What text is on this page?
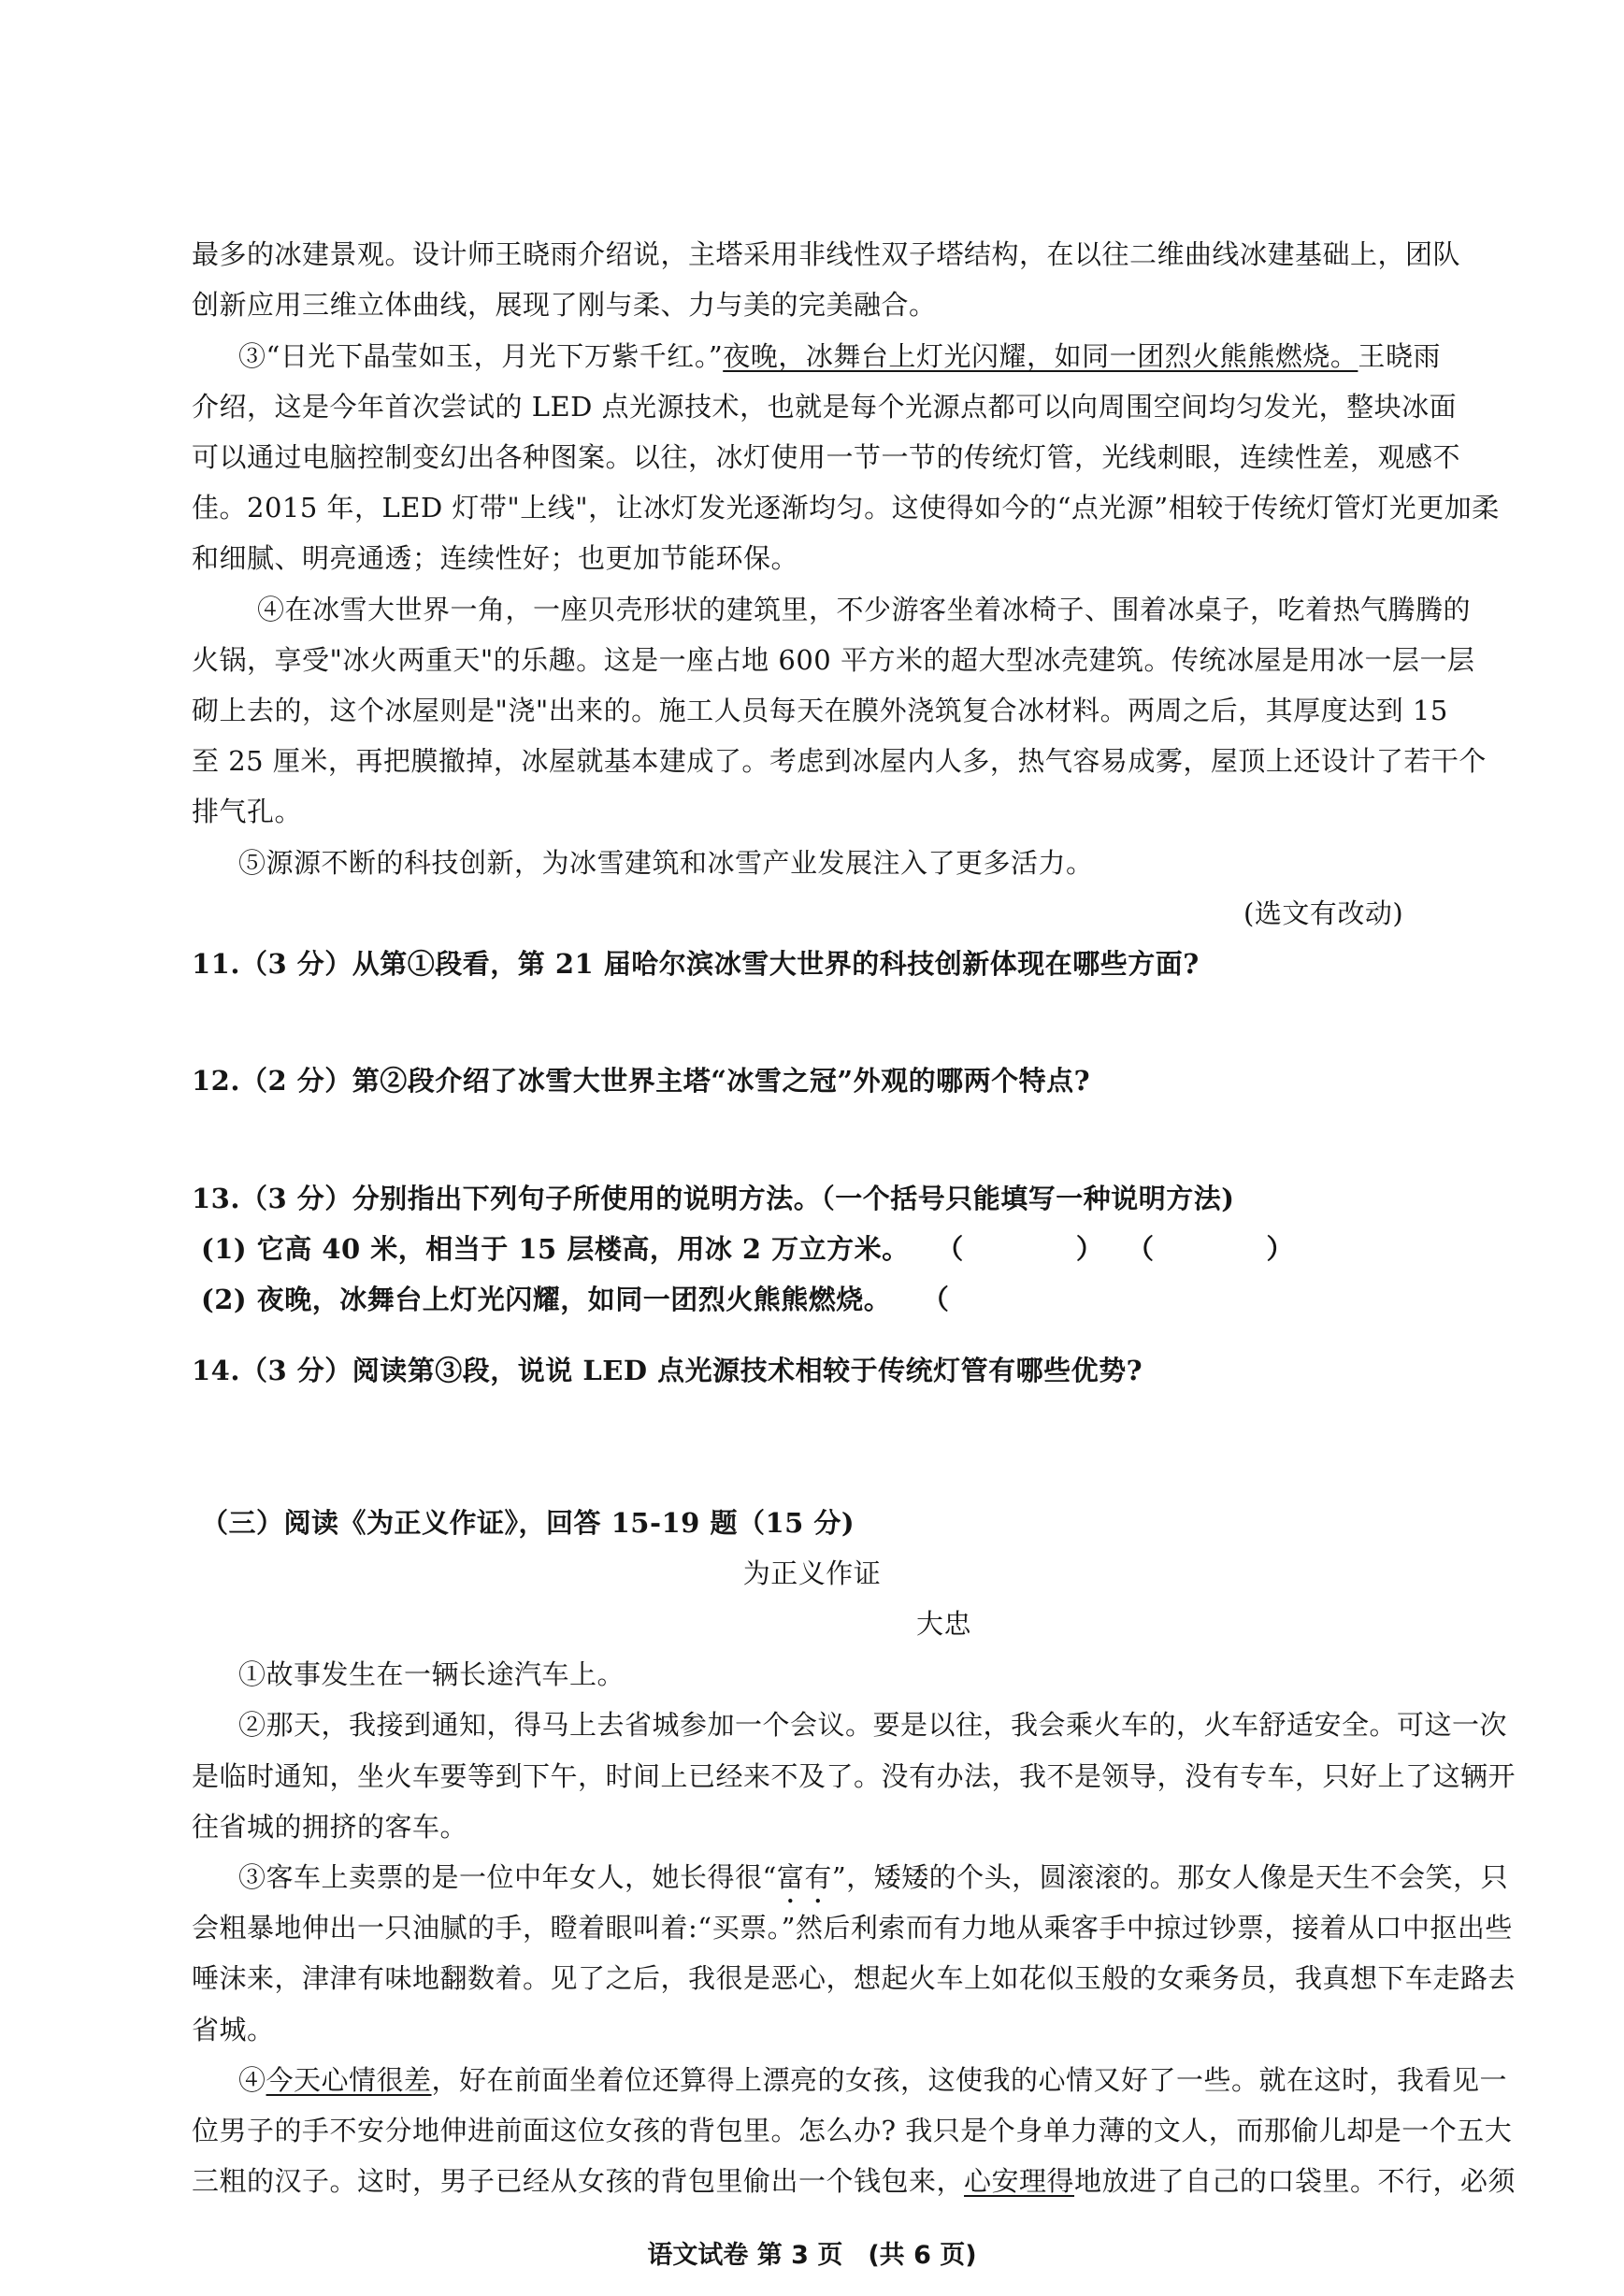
最多的冰建景观。设计师王晓雨介绍说，主塔采用非线性双子塔结构，在以往二维曲线冰建基础上，团队
创新应用三维立体曲线，展现了刚与柔、力与美的完美融合。
③“日光下晶莹如玉，月光下万紫千红。”夜晚，冰舞台上灯光闪耀，如同一团烈火熊熊燃烧。王晓雨
介绍，这是今年首次尝试的 LED 点光源技术，也就是每个光源点都可以向周围空间均匀发光，整块冰面
可以通过电脑控制变幻出各种图案。以往，冰灯使用一节一节的传统灯管，光线刺眼，连续性差，观感不
佳。2015 年，LED 灯带"上线"，让冰灯发光逐渐均匀。这使得如今的“点光源”相较于传统灯管灯光更加柔
和细腻、明亮通透；连续性好；也更加节能环保。
④在冰雪大世界一角，一座贝壳形状的建筑里，不少游客坐着冰椅子、围着冰桌子，吃着热气腾腾的
火锅，享受"冰火两重天"的乐趣。这是一座占地 600 平方米的超大型冰壳建筑。传统冰屋是用冰一层一层
砌上去的，这个冰屋则是"浇"出来的。施工人员每天在膜外浇筑复合冰材料。两周之后，其厚度达到 15
至 25 厘米，再把膜撤掉，冰屋就基本建成了。考虑到冰屋内人多，热气容易成雾，屋顶上还设计了若干个
排气孔。
⑤源源不断的科技创新，为冰雪建筑和冰雪产业发展注入了更多活力。
(选文有改动)
11.（3 分）从第①段看，第 21 届哈尔滨冰雪大世界的科技创新体现在哪些方面?
12.（2 分）第②段介绍了冰雪大世界主塔“冰雪之冠”外观的哪两个特点?
13.（3 分）分别指出下列句子所使用的说明方法。（一个括号只能填写一种说明方法)
(1) 它高 40 米，相当于 15 层楼高，用冰 2 万立方米。 （	） （	）
(2) 夜晚，冰舞台上灯光闪耀，如同一团烈火熊熊燃烧。 （
14.（3 分）阅读第③段，说说 LED 点光源技术相较于传统灯管有哪些优势?
（三）阅读《为正义作证》，回答 15-19 题（15 分)
为正义作证
大忠
①故事发生在一辆长途汽车上。
②那天，我接到通知，得马上去省城参加一个会议。要是以往，我会乘火车的，火车舒适安全。可这一次
是临时通知，坐火车要等到下午，时间上已经来不及了。没有办法，我不是领导，没有专车，只好上了这辆开
往省城的拥挤的客车。
③客车上卖票的是一位中年女人，她长得很“富有”，矮矮的个头，圆滚滚的。那女人像是天生不会笑，只
会粗暴地伸出一只油腻的手，瞪着眼叫着:“买票。”然后利索而有力地从乘客手中掠过钞票，接着从口中抠出些
唾沫来，津津有味地翻数着。见了之后，我很是恶心，想起火车上如花似玉般的女乘务员，我真想下车走路去
省城。
④今天心情很差，好在前面坐着位还算得上漂亮的女孩，这使我的心情又好了一些。就在这时，我看见一
位男子的手不安分地伸进前面这位女孩的背包里。怎么办? 我只是个身单力薄的文人，而那偷儿却是一个五大
三粗的汉子。这时，男子已经从女孩的背包里偷出一个钱包来，心安理得地放进了自己的口袋里。不行，必须
语文试卷 第 3 页　(共 6 页)
